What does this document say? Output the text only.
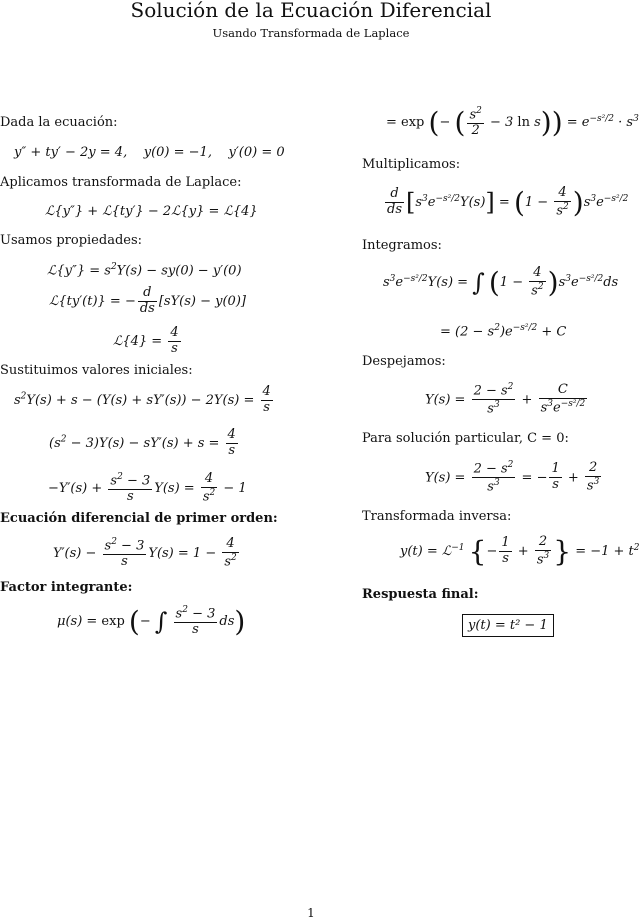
Solución de la Ecuación Diferencial
Usando Transformada de Laplace
Dada la ecuación:
y″ + ty′ − 2y = 4,    y(0) = −1,    y′(0) = 0
Aplicamos transformada de Laplace:
ℒ{y″} + ℒ{ty′} − 2ℒ{y} = ℒ{4}
Usamos propiedades:
ℒ{y″} = $s^2Y(s) - sy(0) - y'(0)$
ℒ{ty′(t)} = − $\frac{d}{ds} [sY(s) - y(0)]$
ℒ{4} = $\frac{4}{s}$
Sustituimos valores iniciales:
$s^2Y(s) + s - (Y(s) + sY'(s)) - 2Y(s) = \frac{4}{s}$
$(s^2 - 3)Y(s) - sY'(s) + s = \frac{4}{s}$
$-Y'(s) + \frac{s^2 - 3}{s} Y(s) = \frac{4}{s^2} - 1$
Ecuación diferencial de primer orden:
$Y'(s) - \frac{s^2 - 3}{s} Y(s) = 1 - \frac{4}{s^2}$
Factor integrante:
μ(s) = exp (− ∫ $\frac{s^2 - 3}{s} ds$)
= exp (− ( $\frac{s^2}{2} - 3$ $\ln s)) = e^{-s^2/2} \cdot s^3$
Multiplicamos:
$\frac{d}{ds} [s^3e^{-s^2/2}Y(s)] = (1 - \frac{4}{s^2} )s^3e^{-s^2/2}$
Integramos:
$s^3e^{-s^2/2}Y(s)$ = ∫ $(1 - \frac{4}{s^2} )s^3e^{-s^2/2}ds$
= $(2 - s^2)e^{-s^2/2} + C$
Despejamos:
$Y(s) = \frac{2 - s^2}{s^3} + \frac{C}{s^3e^{-s^2/2}}$
Para solución particular, C = 0:
$Y(s) = \frac{2 - s^2}{s^3}$ = − $\frac{1}{s} + \frac{2}{s^3}$
Transformada inversa:
y(t) = ℒ$^{-1}$ {− $\frac{1}{s} + \frac{2}{s^3}$ } = $-1 + t^2$
Respuesta final:
y(t) = t² − 1
1
